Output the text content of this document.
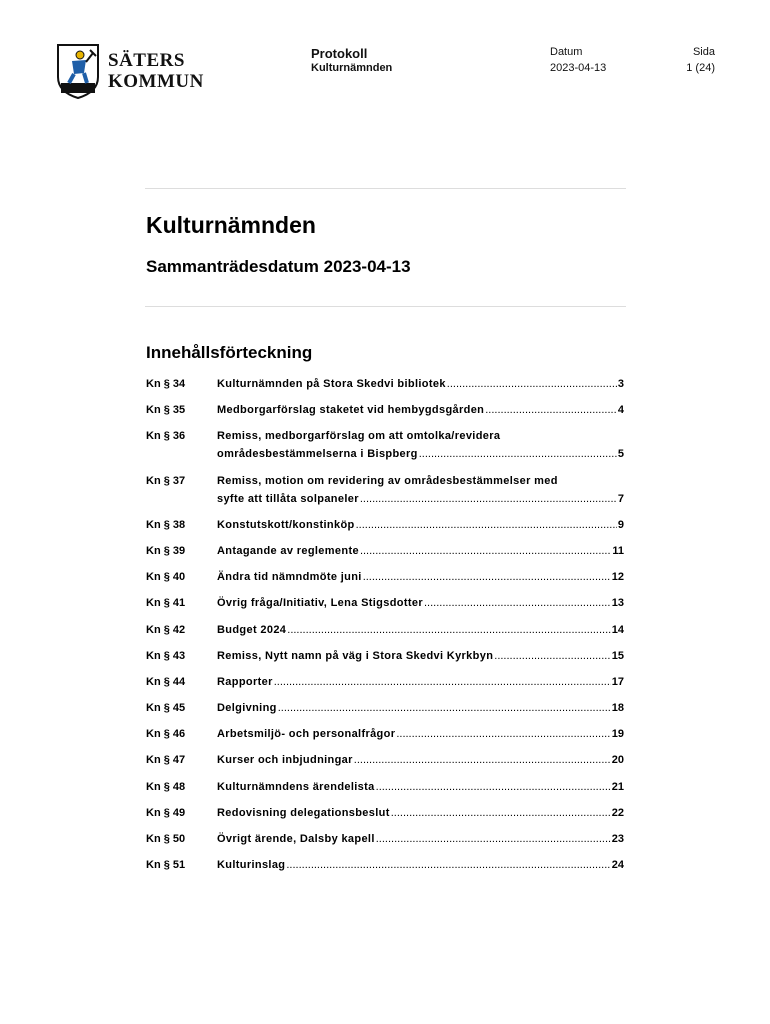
SÄTERS
KOMMUN
Protokoll
Kulturnämnden
Datum
2023-04-13
Sida
1 (24)
Kulturnämnden
Sammanträdesdatum 2023-04-13
Innehållsförteckning
Kn § 34	Kulturnämnden på Stora Skedvi bibliotek .....	3
Kn § 35	Medborgarförslag staketet vid hembygdsgården .....	4
Kn § 36	Remiss, medborgarförslag om att omtolka/revidera
områdesbestämmelserna i Bispberg .....	5
Kn § 37	Remiss, motion om revidering av områdesbestämmelser med
syfte att tillåta solpaneler .....	7
Kn § 38	Konstutskott/konstinköp .....	9
Kn § 39	Antagande av reglemente .....	11
Kn § 40	Ändra tid nämndmöte juni .....	12
Kn § 41	Övrig fråga/Initiativ, Lena Stigsdotter .....	13
Kn § 42	Budget 2024 .....	14
Kn § 43	Remiss, Nytt namn på väg i Stora Skedvi Kyrkbyn .....	15
Kn § 44	Rapporter .....	17
Kn § 45	Delgivning .....	18
Kn § 46	Arbetsmiljö- och personalfrågor .....	19
Kn § 47	Kurser och inbjudningar .....	20
Kn § 48	Kulturnämndens ärendelista .....	21
Kn § 49	Redovisning delegationsbeslut .....	22
Kn § 50	Övrigt ärende, Dalsby kapell .....	23
Kn § 51	Kulturinslag .....	24
